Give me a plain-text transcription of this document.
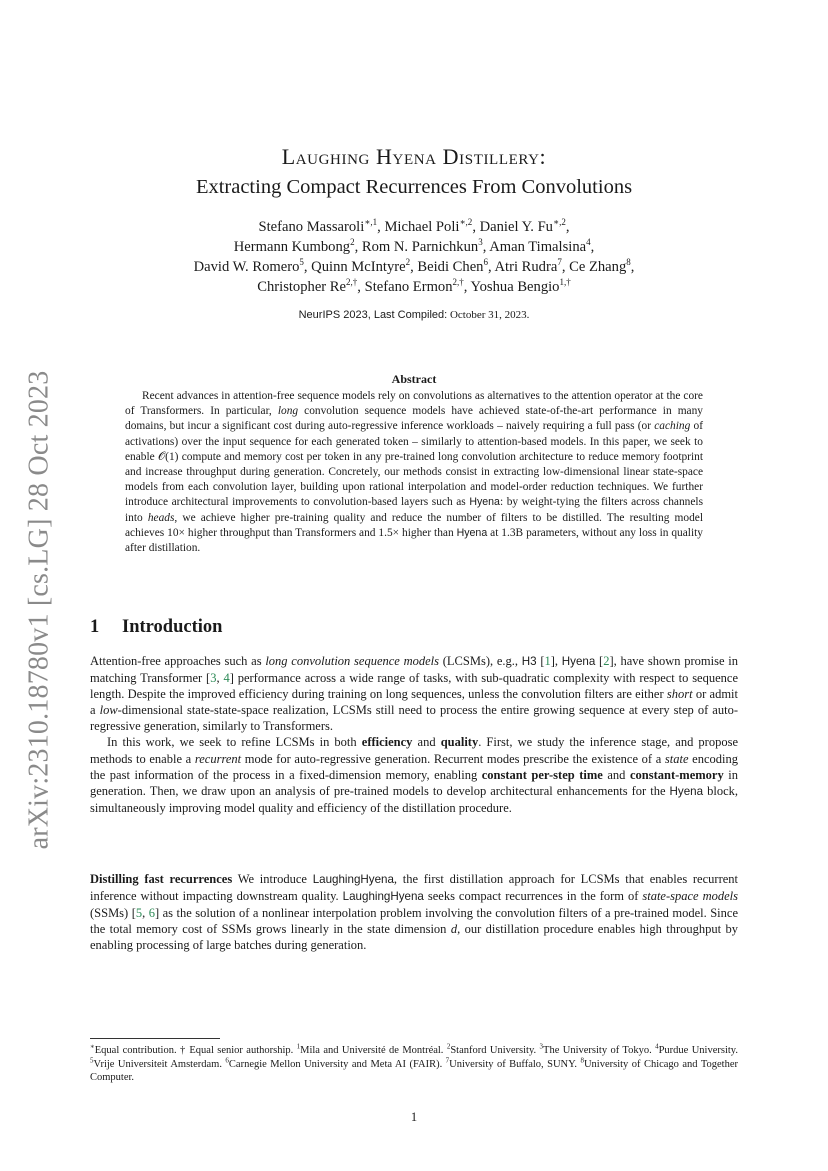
arXiv:2310.18780v1 [cs.LG] 28 Oct 2023
Laughing Hyena Distillery:
Extracting Compact Recurrences From Convolutions
Stefano Massaroli$^{∗,1}$, Michael Poli$^{∗,2}$, Daniel Y. $Fu^{∗,2}$,
Hermann Kumbong$^2$, Rom N. Parnichkun$^3$, Aman Timalsina$^4$,
David W. Romero$^5$, Quinn McIntyre$^2$, Beidi Chen$^6$, Atri Rudra$^7$, Ce Zhang$^8$,
Christopher $Re^{2,\dagger}$, Stefano Ermon$^{2,\dagger}$, Yoshua Bengio$^{1,\dagger}$
NeurIPS 2023, Last Compiled: October 31, 2023.
Abstract

Recent advances in attention-free sequence models rely on convolutions as alternatives to the attention operator at the core of Transformers. In particular, long convolution sequence models have achieved state-of-the-art performance in many domains, but incur a significant cost during auto-regressive inference workloads – naively requiring a full pass (or caching of activations) over the input sequence for each generated token – similarly to attention-based models. In this paper, we seek to enable 𝒪(1) compute and memory cost per token in any pre-trained long convolution architecture to reduce memory footprint and increase throughput during generation. Concretely, our methods consist in extracting low-dimensional linear state-space models from each convolution layer, building upon rational interpolation and model-order reduction techniques. We further introduce architectural improvements to convolution-based layers such as Hyena: by weight-tying the filters across channels into heads, we achieve higher pre-training quality and reduce the number of filters to be distilled. The resulting model achieves 10× higher throughput than Transformers and 1.5× higher than Hyena at 1.3B parameters, without any loss in quality after distillation.

1 Introduction

Attention-free approaches such as long convolution sequence models (LCSMs), e.g., H3 [1], Hyena [2], have shown promise in matching Transformer [3, 4] performance across a wide range of tasks, with sub-quadratic complexity with respect to sequence length. Despite the improved efficiency during training on long sequences, unless the convolution filters are either short or admit a low-dimensional state-state-space realization, LCSMs still need to process the entire growing sequence at every step of auto-regressive generation, similarly to Transformers.

In this work, we seek to refine LCSMs in both efficiency and quality. First, we study the inference stage, and propose methods to enable a recurrent mode for auto-regressive generation. Recurrent modes prescribe the existence of a state encoding the past information of the process in a fixed-dimension memory, enabling constant per-step time and constant-memory in generation. Then, we draw upon an analysis of pre-trained models to develop architectural enhancements for the Hyena block, simultaneously improving model quality and efficiency of the distillation procedure.

Distilling fast recurrences We introduce LaughingHyena, the first distillation approach for LCSMs that enables recurrent inference without impacting downstream quality. LaughingHyena seeks compact recurrences in the form of state-space models (SSMs) [5, 6] as the solution of a nonlinear interpolation problem involving the convolution filters of a pre-trained model. Since the total memory cost of SSMs grows linearly in the state dimension d, our distillation procedure enables high throughput by enabling processing of large batches during generation.

∗Equal contribution. † Equal senior authorship. $^1$Mila and Université de Montréal. $^2$Stanford University. $^3$The University of Tokyo. $^4$Purdue University. $^5$Vrije Universiteit Amsterdam. $^6$Carnegie Mellon University and Meta AI (FAIR). $^7$University of Buffalo, SUNY. $^8$University of Chicago and Together Computer.
1
